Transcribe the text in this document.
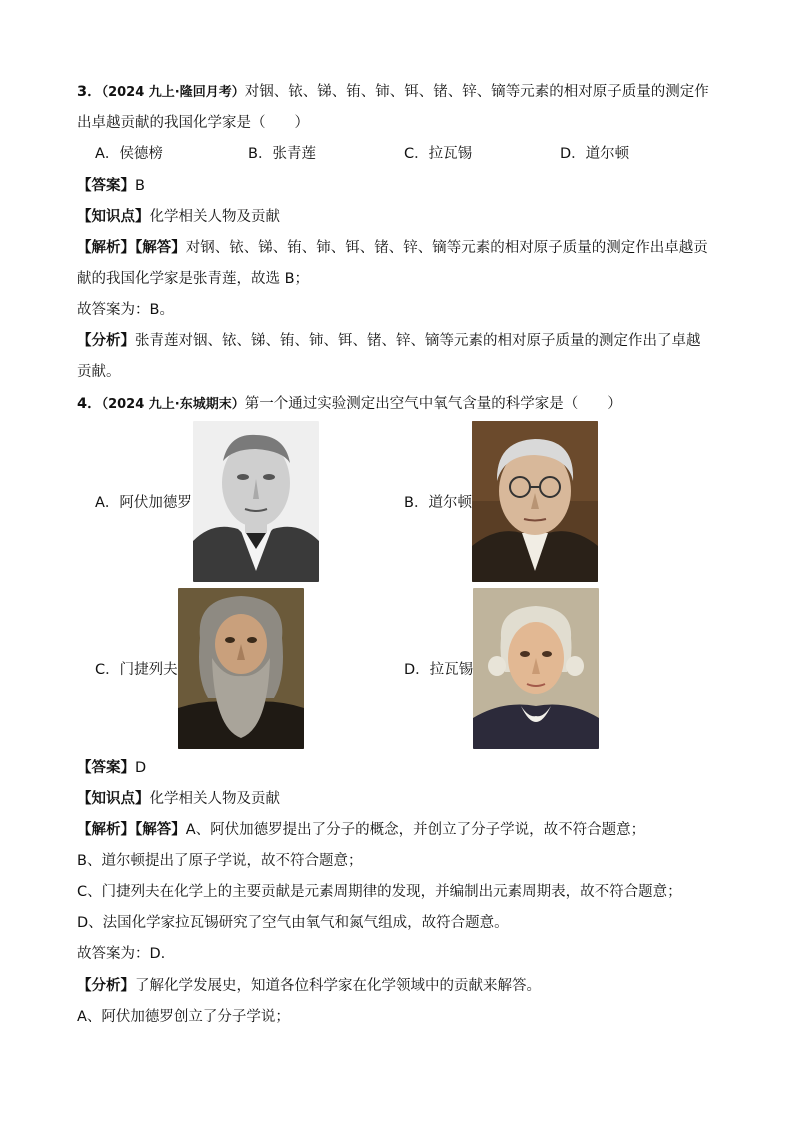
3．（2024 九上·隆回月考）对铟、铱、锑、铕、铈、铒、锗、锌、镝等元素的相对原子质量的测定作
出卓越贡献的我国化学家是（　　）
A．侯德榜	B．张青莲	C．拉瓦锡	D．道尔顿
【答案】B
【知识点】化学相关人物及贡献
【解析】【解答】对钢、铱、锑、铕、铈、铒、锗、锌、镝等元素的相对原子质量的测定作出卓越贡
献的我国化学家是张青莲，故选 B；
故答案为：B。
【分析】张青莲对铟、铱、锑、铕、铈、铒、锗、锌、镝等元素的相对原子质量的测定作出了卓越
贡献。
4．（2024 九上·东城期末）第一个通过实验测定出空气中氧气含量的科学家是（　　）
A．阿伏加德罗	B．道尔顿
C．门捷列夫	D．拉瓦锡
【答案】D
【知识点】化学相关人物及贡献
【解析】【解答】A、阿伏加德罗提出了分子的概念，并创立了分子学说，故不符合题意；
B、道尔顿提出了原子学说，故不符合题意；
C、门捷列夫在化学上的主要贡献是元素周期律的发现，并编制出元素周期表，故不符合题意；
D、法国化学家拉瓦锡研究了空气由氧气和氮气组成，故符合题意。
故答案为：D.
【分析】了解化学发展史，知道各位科学家在化学领域中的贡献来解答。
A、阿伏加德罗创立了分子学说；
